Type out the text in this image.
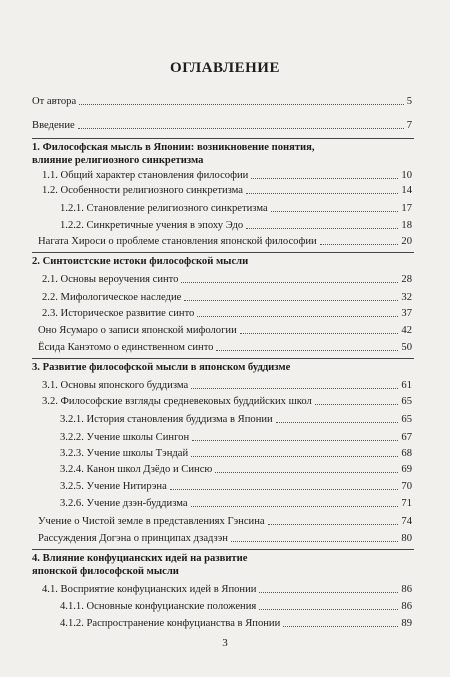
ОГЛАВЛЕНИЕ
От автора	5
Введение	7
1. Философская мысль в Японии: возникновение понятия,
влияние религиозного синкретизма
1.1. Общий характер становления философии	10
1.2. Особенности религиозного синкретизма	14
1.2.1. Становление религиозного синкретизма	17
1.2.2. Синкретичные учения в эпоху Эдо	18
Нагата Хироси о проблеме становления японской философии	20
2. Синтоистские истоки философской мысли
2.1. Основы вероучения синто	28
2.2. Мифологическое наследие	32
2.3. Историческое развитие синто	37
Оно Ясумаро о записи японской мифологии	42
Ёсида Канэтомо о единственном синто	50
3. Развитие философской мысли в японском буддизме
3.1. Основы японского буддизма	61
3.2. Философские взгляды средневековых буддийских школ	65
3.2.1. История становления буддизма в Японии	65
3.2.2. Учение школы Сингон	67
3.2.3. Учение школы Тэндай	68
3.2.4. Канон школ Дзёдо и Синсю	69
3.2.5. Учение Нитирэна	70
3.2.6. Учение дзэн-буддизма	71
Учение о Чистой земле в представлениях Гэнсина	74
Рассуждения Догэна о принципах дзадзэн	80
4. Влияние конфуцианских идей на развитие
японской философской мысли
4.1. Восприятие конфуцианских идей в Японии	86
4.1.1. Основные конфуцианские положения	86
4.1.2. Распространение конфуцианства в Японии	89
3
